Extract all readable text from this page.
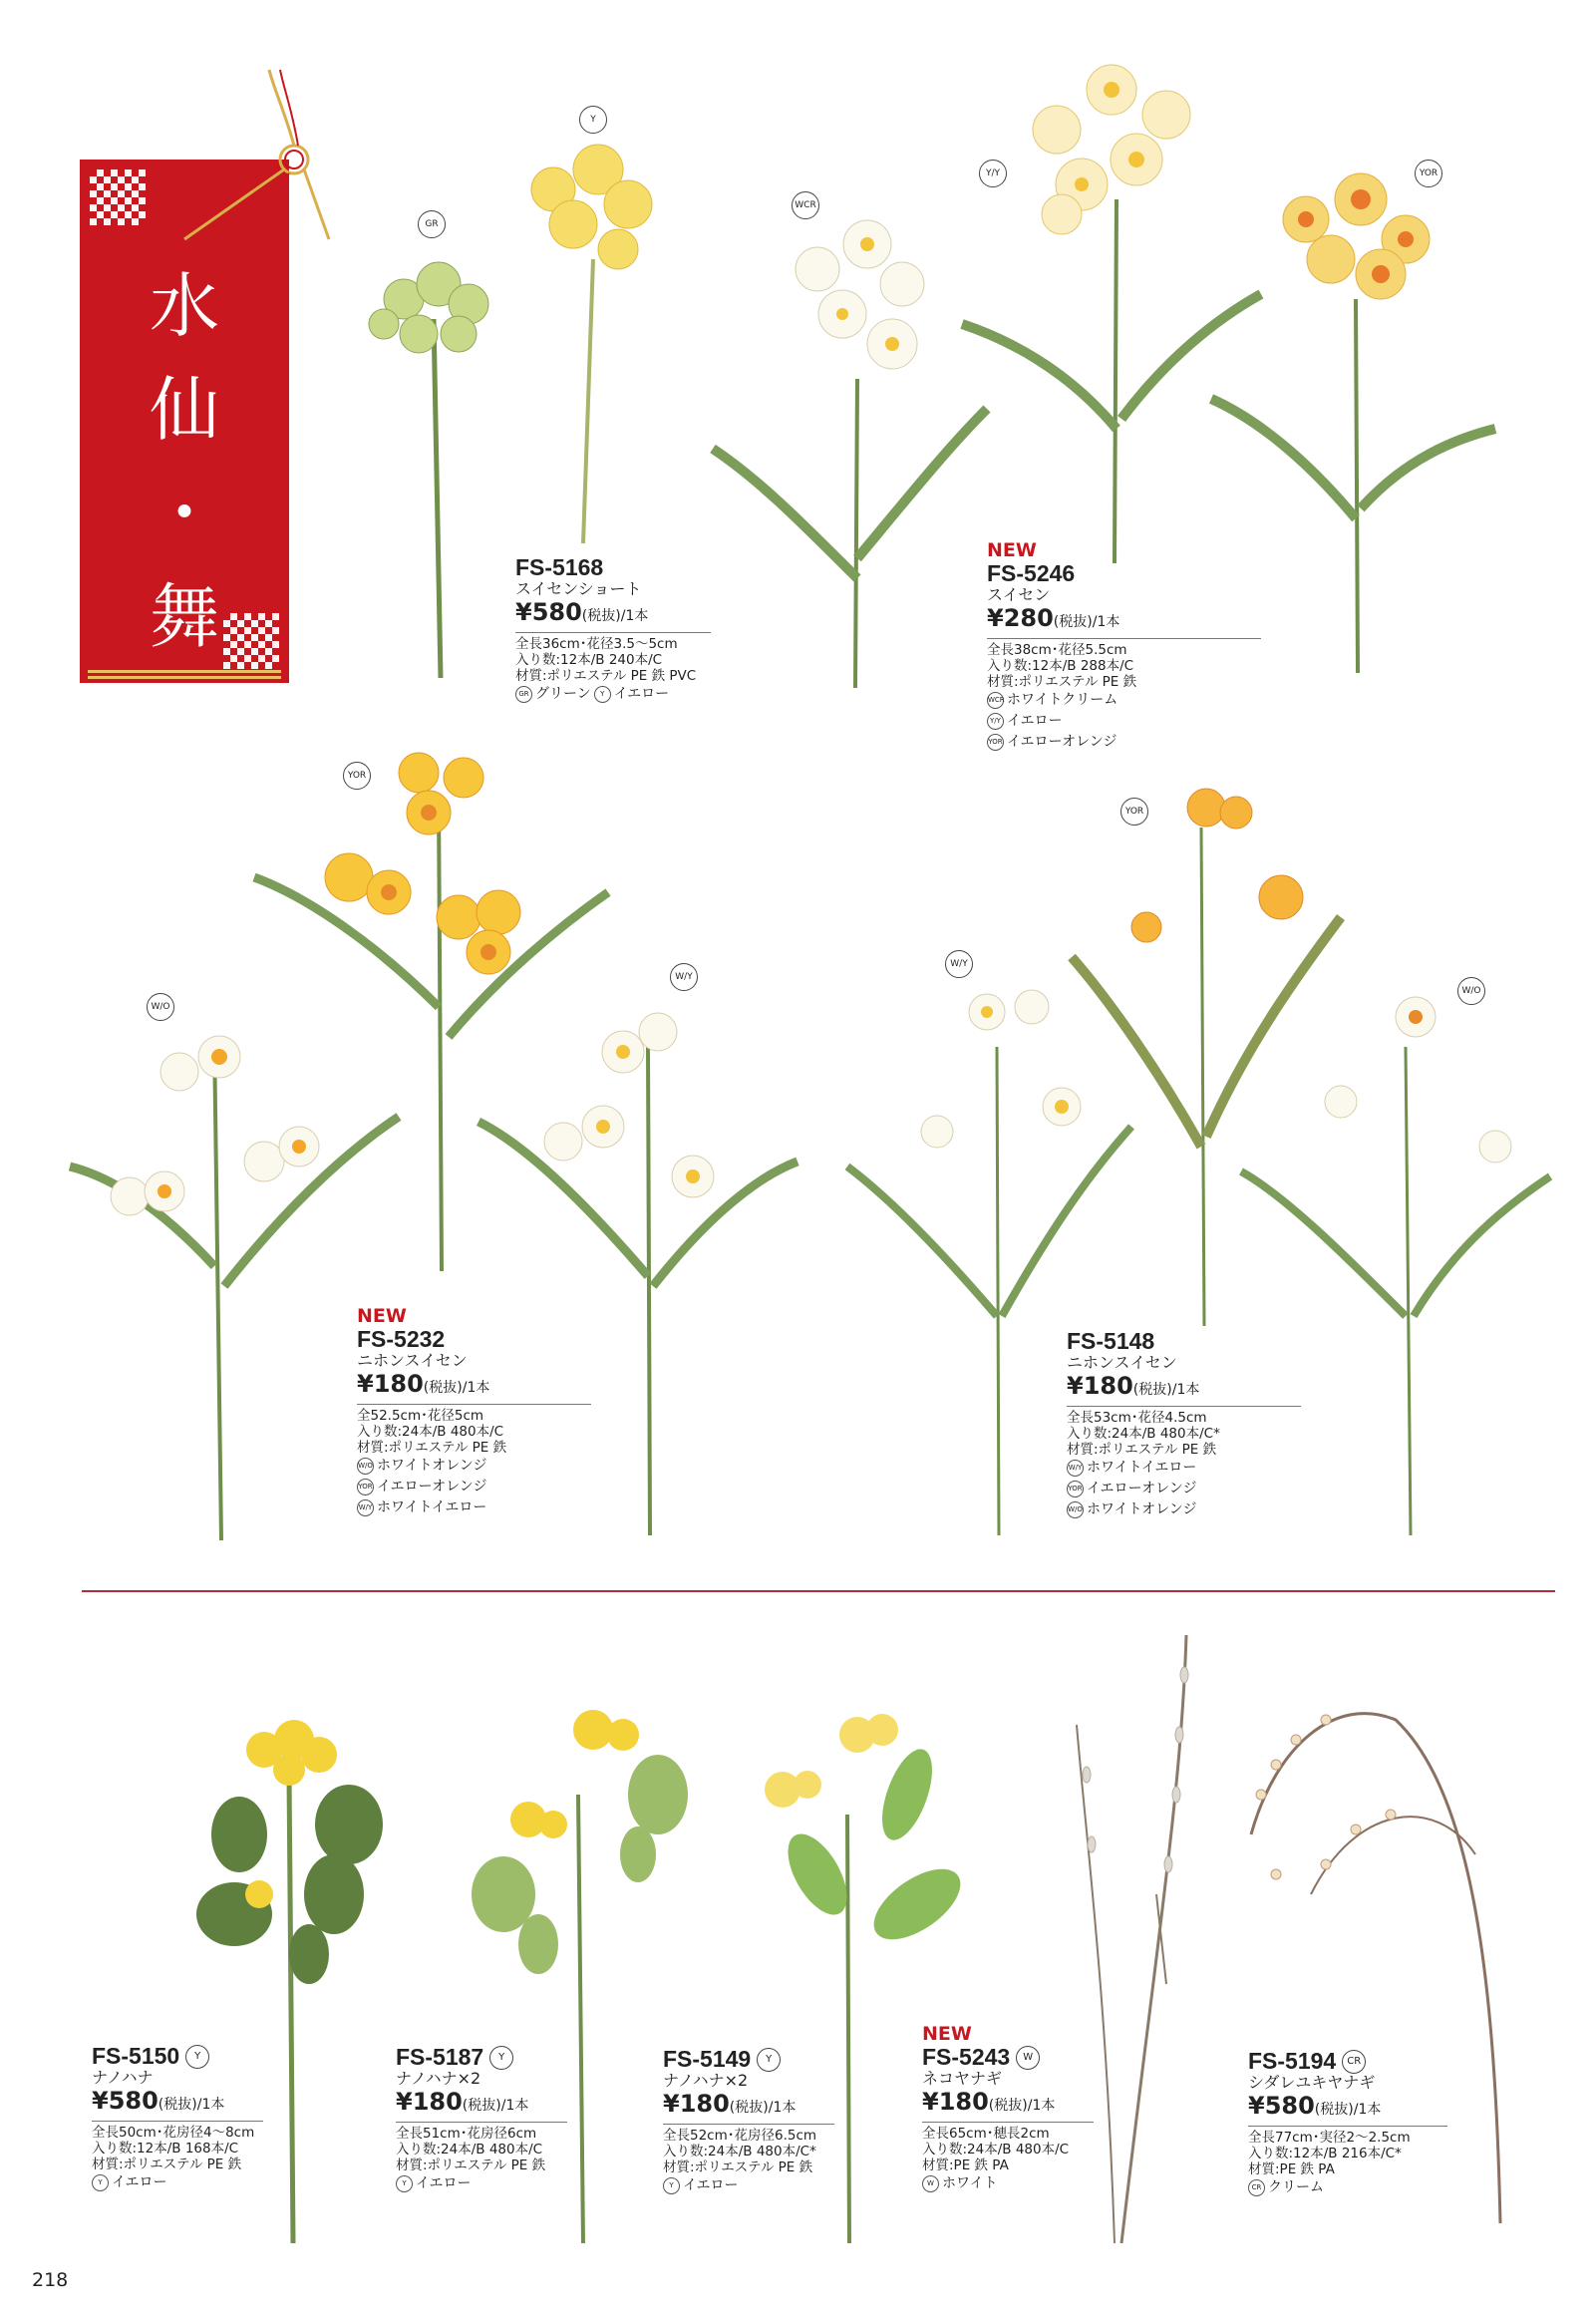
水
仙
・
舞
玉
GR
Y
WCR
Y/Y	YOR
YOR
W/O
W/Y
W/Y
YOR
W/O
FS-5168
スイセンショート
¥580(税抜)/1本
全長36cm･花径3.5～5cm
入り数:12本/B 240本/C
材質:ポリエステル PE 鉄 PVC
GR グリーン	Y イエロー
NEW
FS-5246
スイセン
¥280(税抜)/1本
全長38cm･花径5.5cm
入り数:12本/B 288本/C
材質:ポリエステル PE 鉄
WCR ホワイトクリーム
Y/Y イエロー
YOR イエローオレンジ
NEW
FS-5232
ニホンスイセン
¥180(税抜)/1本
全52.5cm･花径5cm
入り数:24本/B 480本/C
材質:ポリエステル PE 鉄
W/O ホワイトオレンジ
YOR イエローオレンジ
W/Y ホワイトイエロー
FS-5148
ニホンスイセン
¥180(税抜)/1本
全長53cm･花径4.5cm
入り数:24本/B 480本/C*
材質:ポリエステル PE 鉄
W/Y ホワイトイエロー
YOR イエローオレンジ
W/O ホワイトオレンジ
FS-5150	Y
ナノハナ
¥580(税抜)/1本
全長50cm･花房径4～8cm
入り数:12本/B 168本/C
材質:ポリエステル PE 鉄
Y イエロー
FS-5187	Y
ナノハナ×2
¥180(税抜)/1本
全長51cm･花房径6cm
入り数:24本/B 480本/C
材質:ポリエステル PE 鉄
Y イエロー
FS-5149	Y
ナノハナ×2
¥180(税抜)/1本
全長52cm･花房径6.5cm
入り数:24本/B 480本/C*
材質:ポリエステル PE 鉄
Y イエロー
NEW
FS-5243	W
ネコヤナギ
¥180(税抜)/1本
全長65cm･穂長2cm
入り数:24本/B 480本/C
材質:PE 鉄 PA
W ホワイト
FS-5194	CR
シダレユキヤナギ
¥580(税抜)/1本
全長77cm･実径2～2.5cm
入り数:12本/B 216本/C*
材質:PE 鉄 PA
CR クリーム
218
